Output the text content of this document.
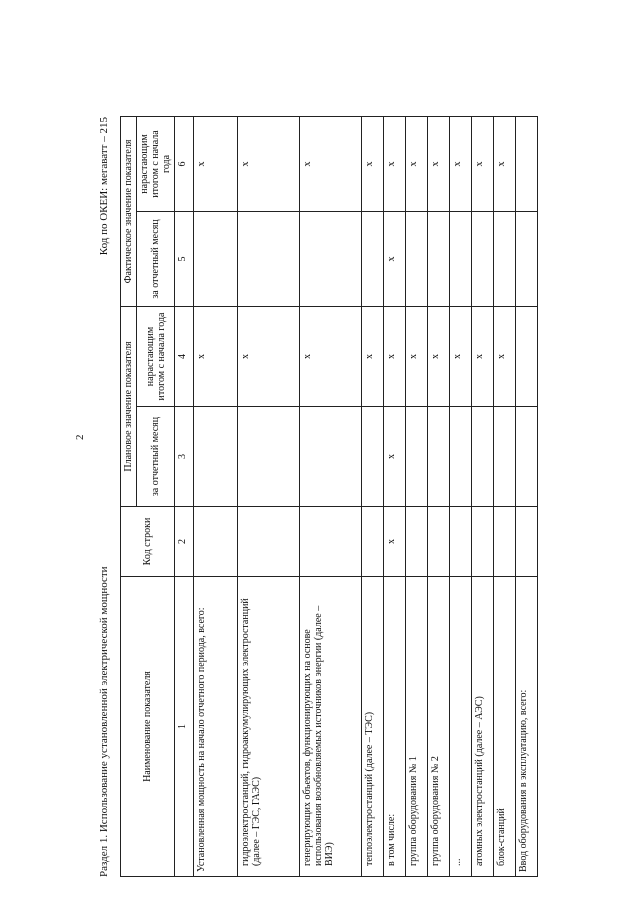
2
Раздел 1. Использование установленной электрической мощности
Код по ОКЕИ: мегаватт – 215
Наименование показателя	Код строки	Плановое значение показателя		Фактическое значение показателя	
		за отчетный месяц	нарастающим итогом с начала года	за отчетный месяц	нарастающим итогом с начала года
1	2	3	4	5	6
Установленная мощность на начало отчетного периода, всего:			x		x
гидроэлектростанций, гидроаккумулирующих электростанций (далее – ГЭС, ГАЭС)			x		x
генерирующих объектов, функционирующих на основе использования возобновляемых источников энергии (далее – ВИЭ)			x		x
теплоэлектростанций (далее – ТЭС)			x		x
в том числе:	x	x	x	x	x
группа оборудования № 1			x		x
группа оборудования № 2			x		x
...			x		x
атомных электростанций (далее – АЭС)			x		x
блок-станций			x		x
Ввод оборудования в эксплуатацию, всего:					
